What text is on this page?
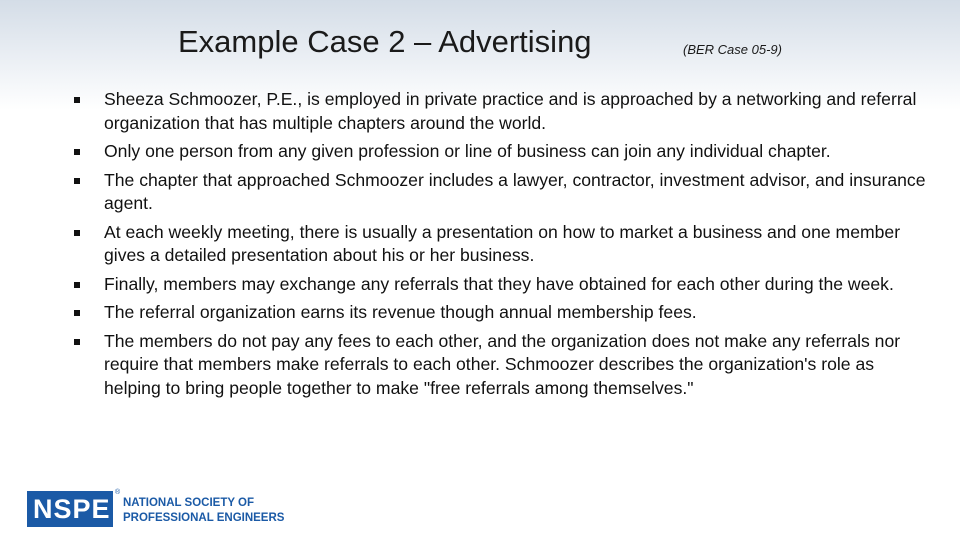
Example Case 2 – Advertising	(BER Case 05-9)
Sheeza Schmoozer, P.E., is employed in private practice and is approached by a networking and referral organization that has multiple chapters around the world.
Only one person from any given profession or line of business can join any individual chapter.
The chapter that approached Schmoozer includes a lawyer, contractor, investment advisor, and insurance agent.
At each weekly meeting, there is usually a presentation on how to market a business and one member gives a detailed presentation about his or her business.
Finally, members may exchange any referrals that they have obtained for each other during the week.
The referral organization earns its revenue though annual membership fees.
The members do not pay any fees to each other, and the organization does not make any referrals nor require that members make referrals to each other. Schmoozer describes the organization's role as helping to bring people together to make "free referrals among themselves."
NSPE
®
NATIONAL SOCIETY OF
PROFESSIONAL ENGINEERS
